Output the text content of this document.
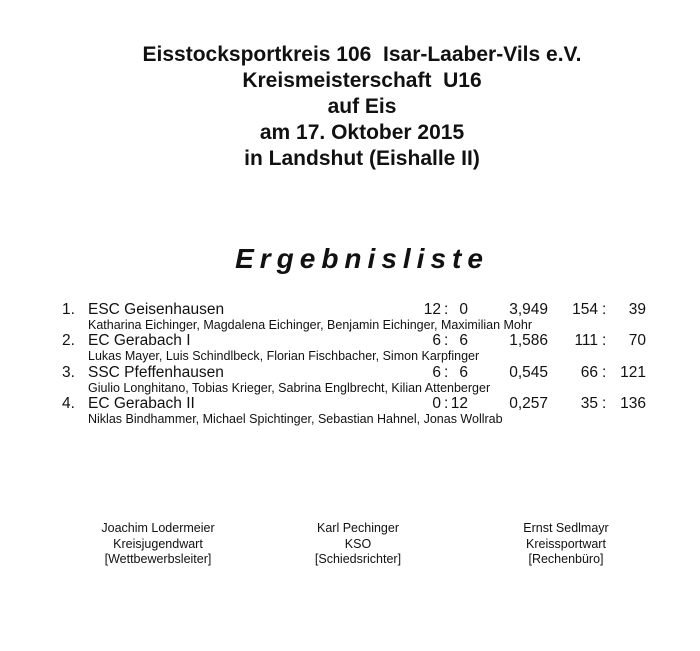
Eisstocksportkreis 106  Isar-Laaber-Vils e.V.
Kreismeisterschaft  U16
auf Eis
am 17. Oktober 2015
in Landshut (Eishalle II)
Ergebnisliste
1. ESC Geisenhausen	12 : 0	3,949 154 : 39
Katharina Eichinger, Magdalena Eichinger, Benjamin Eichinger, Maximilian Mohr
2. EC Gerabach I	6 : 6	1,586 111 : 70
Lukas Mayer, Luis Schindlbeck, Florian Fischbacher, Simon Karpfinger
3. SSC Pfeffenhausen	6 : 6	0,545 66 : 121
Giulio Longhitano, Tobias Krieger, Sabrina Englbrecht, Kilian Attenberger
4. EC Gerabach II	0 : 12	0,257 35 : 136
Niklas Bindhammer, Michael Spichtinger, Sebastian Hahnel, Jonas Wollrab
Joachim Lodermeier
Kreisjugendwart
[Wettbewerbsleiter]
Karl Pechinger
KSO
[Schiedsrichter]
Ernst Sedlmayr
Kreissportwart
[Rechenbüro]
